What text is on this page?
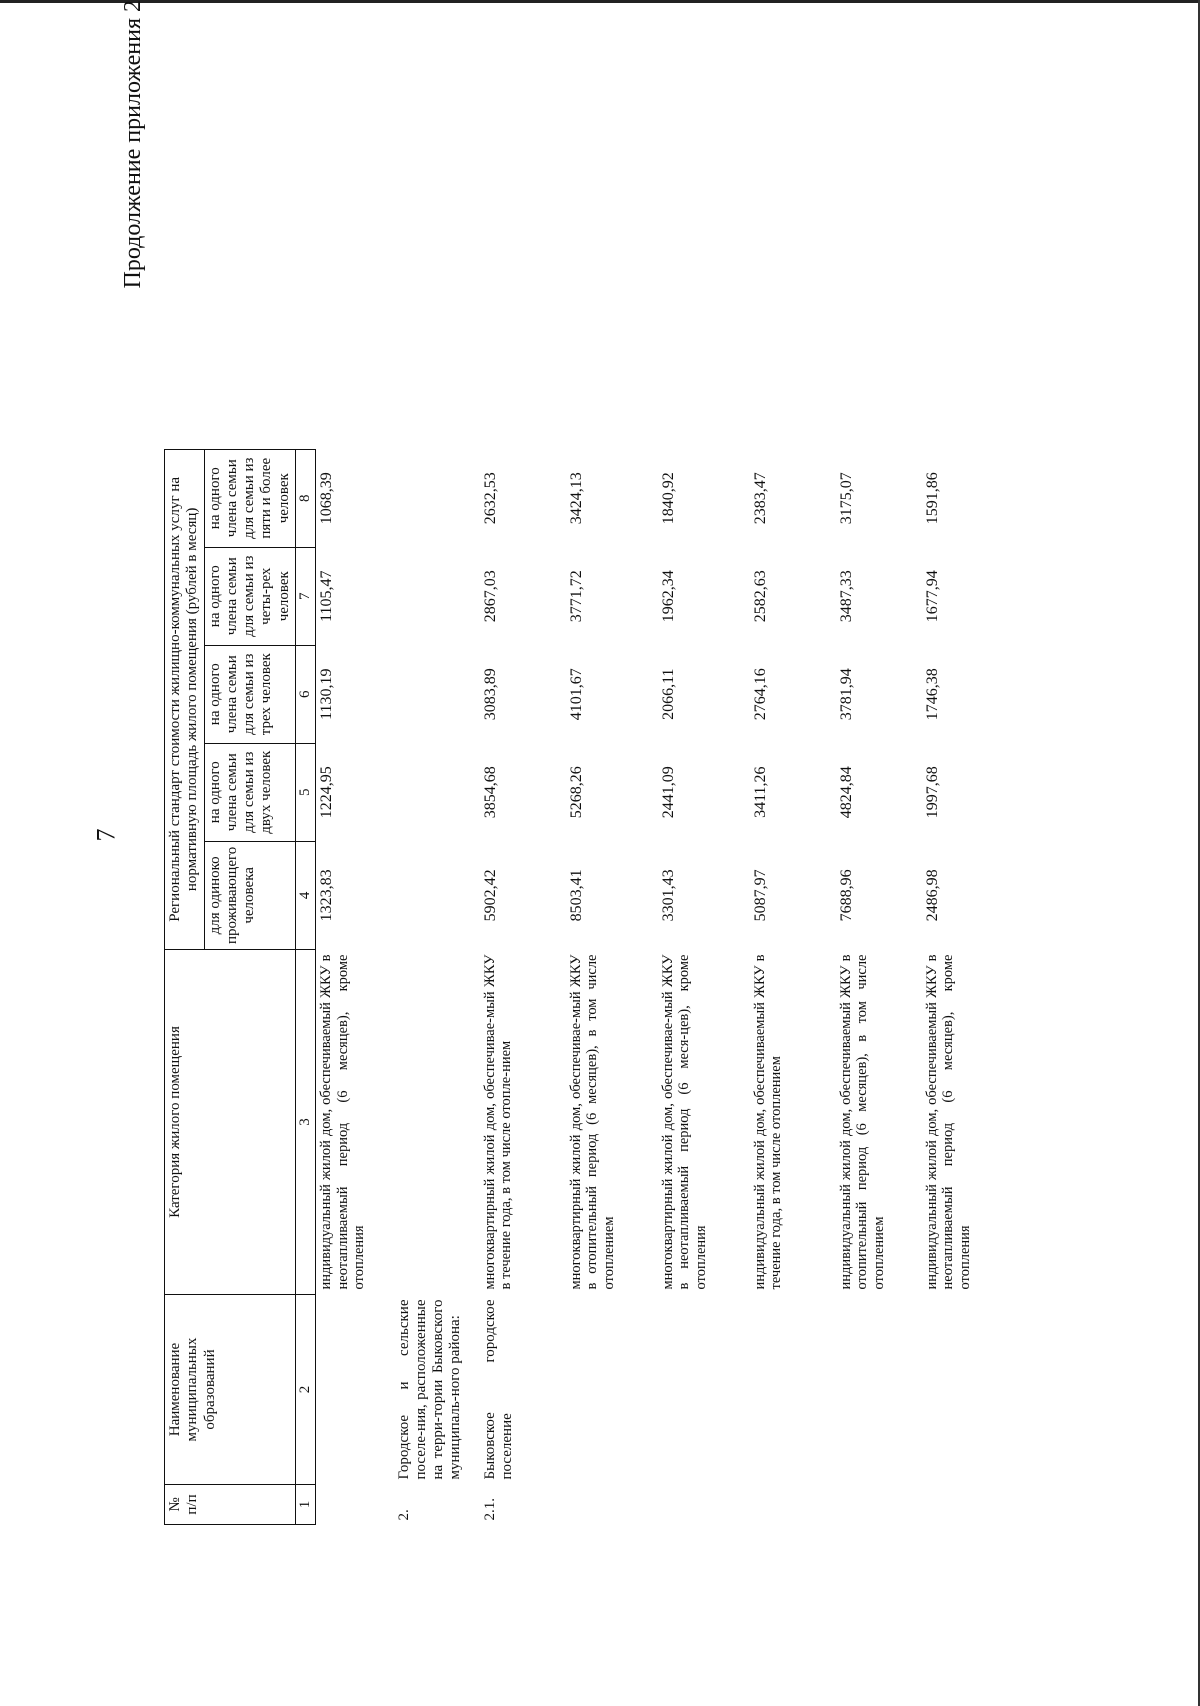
7
Продолжение приложения 2
№ п/п	Наименование муниципальных образований	Категория жилого помещения	Региональный стандарт стоимости жилищно-коммунальных услуг на нормативную площадь жилого помещения (рублей в месяц)				
			для одиноко проживающего человека	на одного члена семьи для семьи из двух человек	на одного члена семьи для семьи из трех человек	на одного члена семьи для семьи из четы-рех человек	на одного члена семьи для семьи из пяти и более человек
1	2	3	4	5	6	7	8
		индивидуальный жилой дом, обеспечиваемый ЖКУ в неотапливаемый период (6 месяцев), кроме отопления	1323,83	1224,95	1130,19	1105,47	1068,39
2.	Городское и сельские поселе-ния, расположенные на терри-тории Быковского муниципаль-ного района:						
2.1.	Быковское городское поселение	многоквартирный жилой дом, обеспечивае-мый ЖКУ в течение года, в том числе отопле-нием	5902,42	3854,68	3083,89	2867,03	2632,53
		многоквартирный жилой дом, обеспечивае-мый ЖКУ в отопительный период (6 месяцев), в том числе отоплением	8503,41	5268,26	4101,67	3771,72	3424,13
		многоквартирный жилой дом, обеспечивае-мый ЖКУ в неотапливаемый период (6 меся-цев), кроме отопления	3301,43	2441,09	2066,11	1962,34	1840,92
		индивидуальный жилой дом, обеспечиваемый ЖКУ в течение года, в том числе отоплением	5087,97	3411,26	2764,16	2582,63	2383,47
		индивидуальный жилой дом, обеспечиваемый ЖКУ в отопительный период (6 месяцев), в том числе отоплением	7688,96	4824,84	3781,94	3487,33	3175,07
		индивидуальный жилой дом, обеспечиваемый ЖКУ в неотапливаемый период (6 месяцев), кроме отопления	2486,98	1997,68	1746,38	1677,94	1591,86
